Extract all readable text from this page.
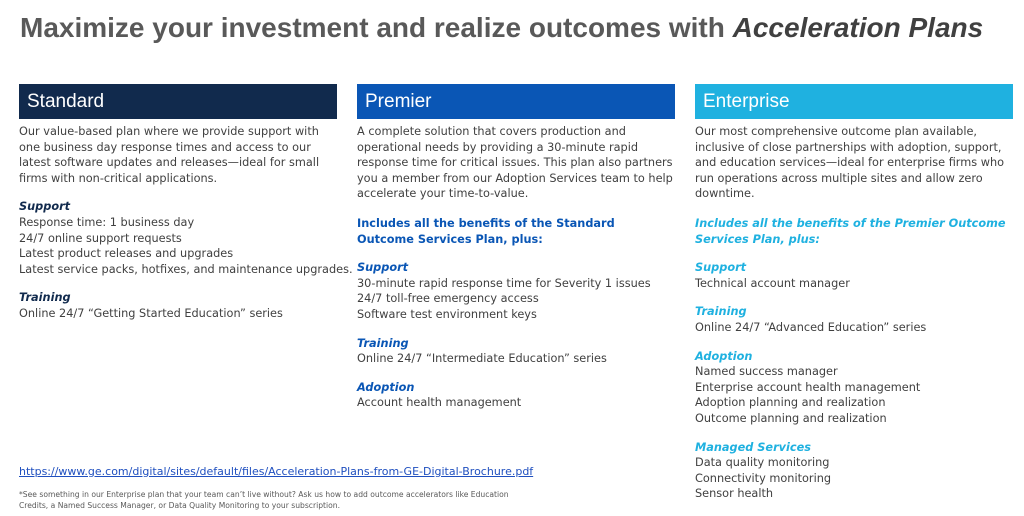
Maximize your investment and realize outcomes with Acceleration Plans
Standard

Our value-based plan where we provide support with one business day response times and access to our latest software updates and releases—ideal for small firms with non-critical applications.

Support
Response time: 1 business day
24/7 online support requests
Latest product releases and upgrades
Latest service packs, hotfixes, and maintenance upgrades.
Training
Online 24/7 “Getting Started Education” series
Premier

A complete solution that covers production and operational needs by providing a 30-minute rapid response time for critical issues. This plan also partners you a member from our Adoption Services team to help accelerate your time-to-value.

Includes all the benefits of the Standard Outcome Services Plan, plus:

Support
30-minute rapid response time for Severity 1 issues
24/7 toll-free emergency access
Software test environment keys
Training
Online 24/7 “Intermediate Education” series
Adoption
Account health management
Enterprise

Our most comprehensive outcome plan available, inclusive of close partnerships with adoption, support, and education services—ideal for enterprise firms who run operations across multiple sites and allow zero downtime.

Includes all the benefits of the Premier Outcome Services Plan, plus:

Support
Technical account manager
Training
Online 24/7 “Advanced Education” series
Adoption
Named success manager
Enterprise account health management
Adoption planning and realization
Outcome planning and realization
Managed Services
Data quality monitoring
Connectivity monitoring
Sensor health
https://www.ge.com/digital/sites/default/files/Acceleration-Plans-from-GE-Digital-Brochure.pdf

*See something in our Enterprise plan that your team can’t live without? Ask us how to add outcome accelerators like Education Credits, a Named Success Manager, or Data Quality Monitoring to your subscription.
